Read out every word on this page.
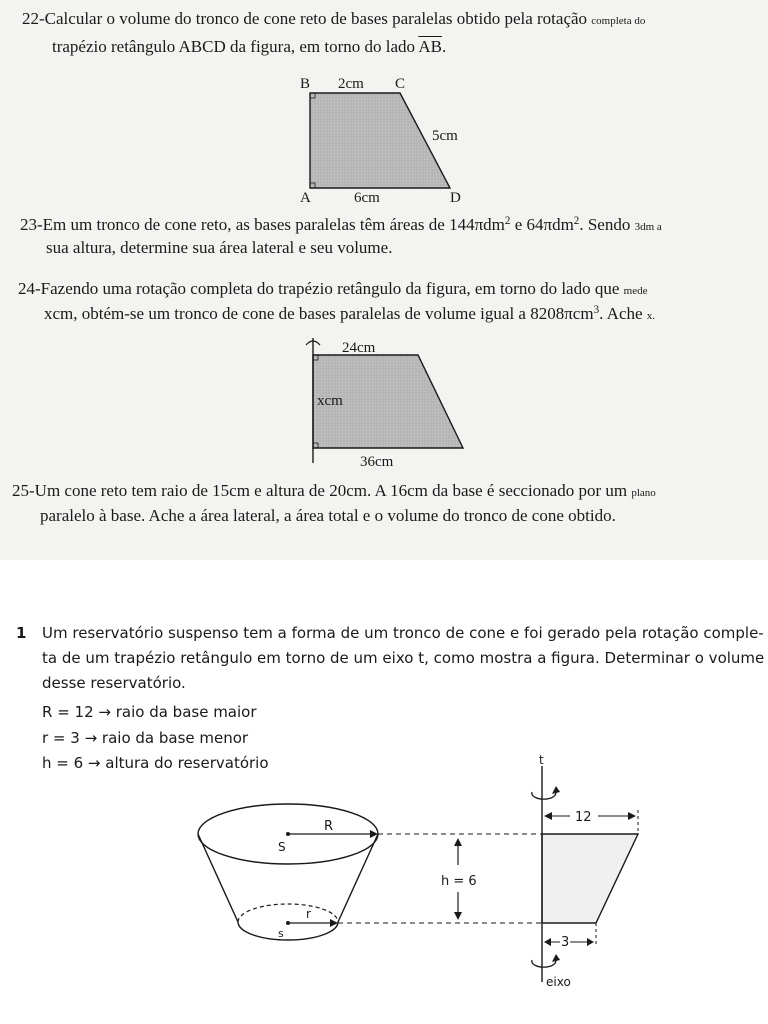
22-Calcular o volume do tronco de cone reto de bases paralelas obtido pela rotação completa do
trapézio retângulo ABCD da figura, em torno do lado $\overline{AB}$.
B	C
2cm
5cm
A	6cm	D
23-Em um tronco de cone reto, as bases paralelas têm áreas de 144πdm$^2$ e 64πdm$^2$. Sendo 3dm a
sua altura, determine sua área lateral e seu volume.
24-Fazendo uma rotação completa do trapézio retângulo da figura, em torno do lado que mede
xcm, obtém-se um tronco de cone de bases paralelas de volume igual a 8208πcm$^3$. Ache x.
24cm
xcm
36cm
25-Um cone reto tem raio de 15cm e altura de 20cm. A 16cm da base é seccionado por um plano
paralelo à base. Ache a área lateral, a área total e o volume do tronco de cone obtido.
1 Um reservatório suspenso tem a forma de um tronco de cone e foi gerado pela rotação comple-
ta de um trapézio retângulo em torno de um eixo t, como mostra a figura. Determinar o volume
desse reservatório.
R = 12 → raio da base maior
r = 3 → raio da base menor
h = 6 → altura do reservatório
R
S
r
s
h = 6
t
12
3
eixo
